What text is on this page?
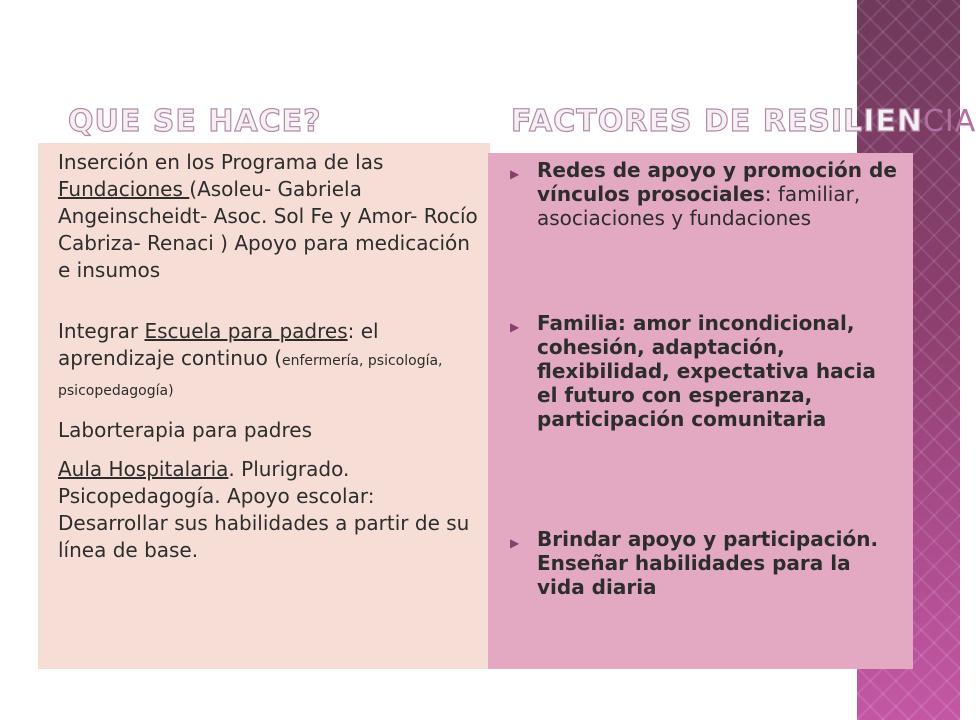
QUE SE HACE?	FACTORES DE RESILIENCIA
Inserción en los Programa de las
Fundaciones (Asoleu- Gabriela Angeinscheidt- Asoc. Sol Fe y Amor- Rocío Cabriza- Renaci ) Apoyo para medicación e insumos
Integrar Escuela para padres: el aprendizaje continuo (enfermería, psicología, psicopedagogía)
Laborterapia para padres
Aula Hospitalaria. Plurigrado. Psicopedagogía. Apoyo escolar: Desarrollar sus habilidades a partir de su línea de base.
▶ Redes de apoyo y promoción de vínculos prosociales: familiar, asociaciones y fundaciones
▶ Familia: amor incondicional, cohesión, adaptación, flexibilidad, expectativa hacia el futuro con esperanza, participación comunitaria
▶ Brindar apoyo y participación. Enseñar habilidades para la vida diaria
